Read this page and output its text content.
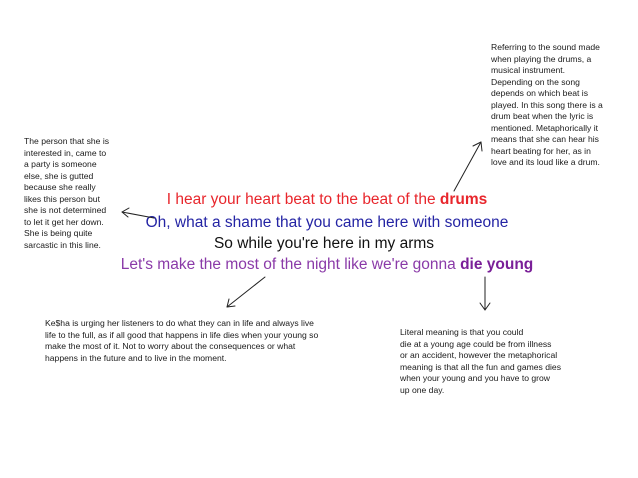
Referring to the sound made
when playing the drums, a
musical instrument.
Depending on the song
depends on which beat is
played. In this song there is a
drum beat when the lyric is
mentioned. Metaphorically it
means that she can hear his
heart beating for her, as in
love and its loud like a drum.
The person that she is
interested in, came to
a party is someone
else, she is gutted
because she really
likes this person but
she is not determined
to let it get her down.
She is being quite
sarcastic in this line.
Ke$ha is urging her listeners to do what they can in life and always live
life to the full, as if all good that happens in life dies when your young so
make the most of it. Not to worry about the consequences or what
happens in the future and to live in the moment.
Literal meaning is that you could
die at a young age could be from illness
or an accident, however the metaphorical
meaning is that all the fun and games dies
when your young and you have to grow
up one day.
I hear your heart beat to the beat of the drums
Oh, what a shame that you came here with someone
So while you're here in my arms
Let's make the most of the night like we're gonna die young
